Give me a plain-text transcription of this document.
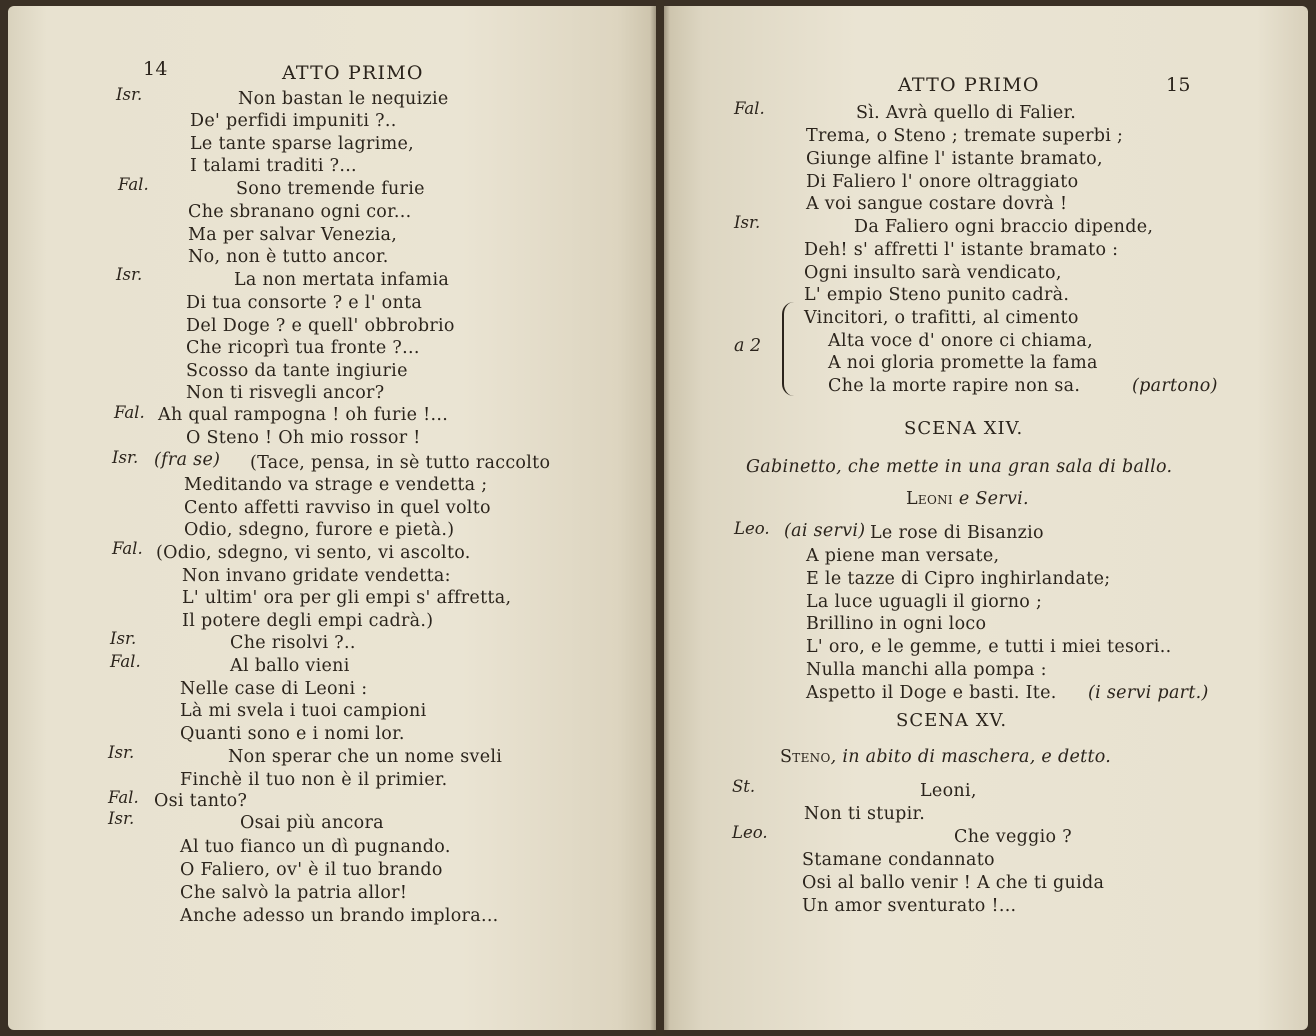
14	ATTO PRIMO
Isr.	Non bastan le nequizie
De' perfidi impuniti ?..
Le tante sparse lagrime,
I talami traditi ?...
Fal.	Sono tremende furie
Che sbranano ogni cor...
Ma per salvar Venezia,
No, non è tutto ancor.
Isr.	La non mertata infamia
Di tua consorte ? e l' onta
Del Doge ? e quell' obbrobrio
Che ricoprì tua fronte ?...
Scosso da tante ingiurie
Non ti risvegli ancor?
Fal. Ah qual rampogna ! oh furie !...
O Steno ! Oh mio rossor !
Isr. (fra se) (Tace, pensa, in sè tutto raccolto
Meditando va strage e vendetta ;
Cento affetti ravviso in quel volto
Odio, sdegno, furore e pietà.)
Fal. (Odio, sdegno, vi sento, vi ascolto.
Non invano gridate vendetta:
L' ultim' ora per gli empi s' affretta,
Il potere degli empi cadrà.)
Isr.	Che risolvi ?..
Fal.	Al ballo vieni
Nelle case di Leoni :
Là mi svela i tuoi campioni
Quanti sono e i nomi lor.
Isr.	Non sperar che un nome sveli
Finchè il tuo non è il primier.
Fal. Osi tanto?
Isr.	Osai più ancora
Al tuo fianco un dì pugnando.
O Faliero, ov' è il tuo brando
Che salvò la patria allor!
Anche adesso un brando implora...
ATTO PRIMO	15
Fal.	Sì. Avrà quello di Falier.
Trema, o Steno ; tremate superbi ;
Giunge alfine l' istante bramato,
Di Faliero l' onore oltraggiato
A voi sangue costare dovrà !
Isr.	Da Faliero ogni braccio dipende,
Deh! s' affretti l' istante bramato :
Ogni insulto sarà vendicato,
L' empio Steno punito cadrà.
a 2
Vincitori, o trafitti, al cimento
Alta voce d' onore ci chiama,
A noi gloria promette la fama
Che la morte rapire non sa.	(partono)
SCENA XIV.
Gabinetto, che mette in una gran sala di ballo.
Leoni e Servi.
Leo. (ai servi) Le rose di Bisanzio
A piene man versate,
E le tazze di Cipro inghirlandate;
La luce uguagli il giorno ;
Brillino in ogni loco
L' oro, e le gemme, e tutti i miei tesori..
Nulla manchi alla pompa :
Aspetto il Doge e basti. Ite. (i servi part.)
SCENA XV.
Steno, in abito di maschera, e detto.
St.	Leoni,
Non ti stupir.
Leo.	Che veggio ?
Stamane condannato
Osi al ballo venir ! A che ti guida
Un amor sventurato !...
